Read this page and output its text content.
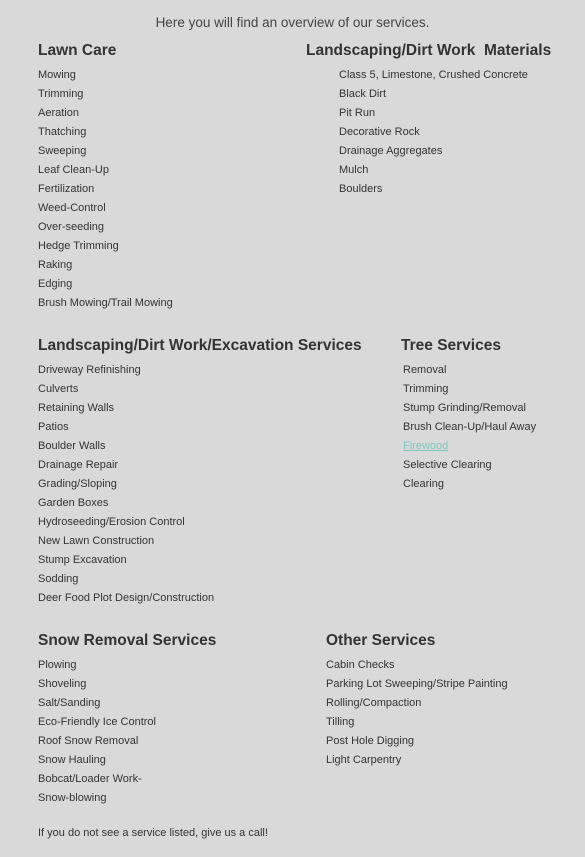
Here you will find an overview of our services.
Lawn Care
Mowing
Trimming
Aeration
Thatching
Sweeping
Leaf Clean-Up
Fertilization
Weed-Control
Over-seeding
Hedge Trimming
Raking
Edging
Brush Mowing/Trail Mowing
Landscaping/Dirt Work  Materials
Class 5, Limestone, Crushed Concrete
Black Dirt
Pit Run
Decorative Rock
Drainage Aggregates
Mulch
Boulders
Landscaping/Dirt Work/Excavation Services
Driveway Refinishing
Culverts
Retaining Walls
Patios
Boulder Walls
Drainage Repair
Grading/Sloping
Garden Boxes
Hydroseeding/Erosion Control
New Lawn Construction
Stump Excavation
Sodding
Deer Food Plot Design/Construction
Tree Services
Removal
Trimming
Stump Grinding/Removal
Brush Clean-Up/Haul Away
Firewood
Selective Clearing
Clearing
Snow Removal Services
Plowing
Shoveling
Salt/Sanding
Eco-Friendly Ice Control
Roof Snow Removal
Snow Hauling
Bobcat/Loader Work-
Snow-blowing
Other Services
Cabin Checks
Parking Lot Sweeping/Stripe Painting
Rolling/Compaction
Tilling
Post Hole Digging
Light Carpentry
If you do not see a service listed, give us a call!
